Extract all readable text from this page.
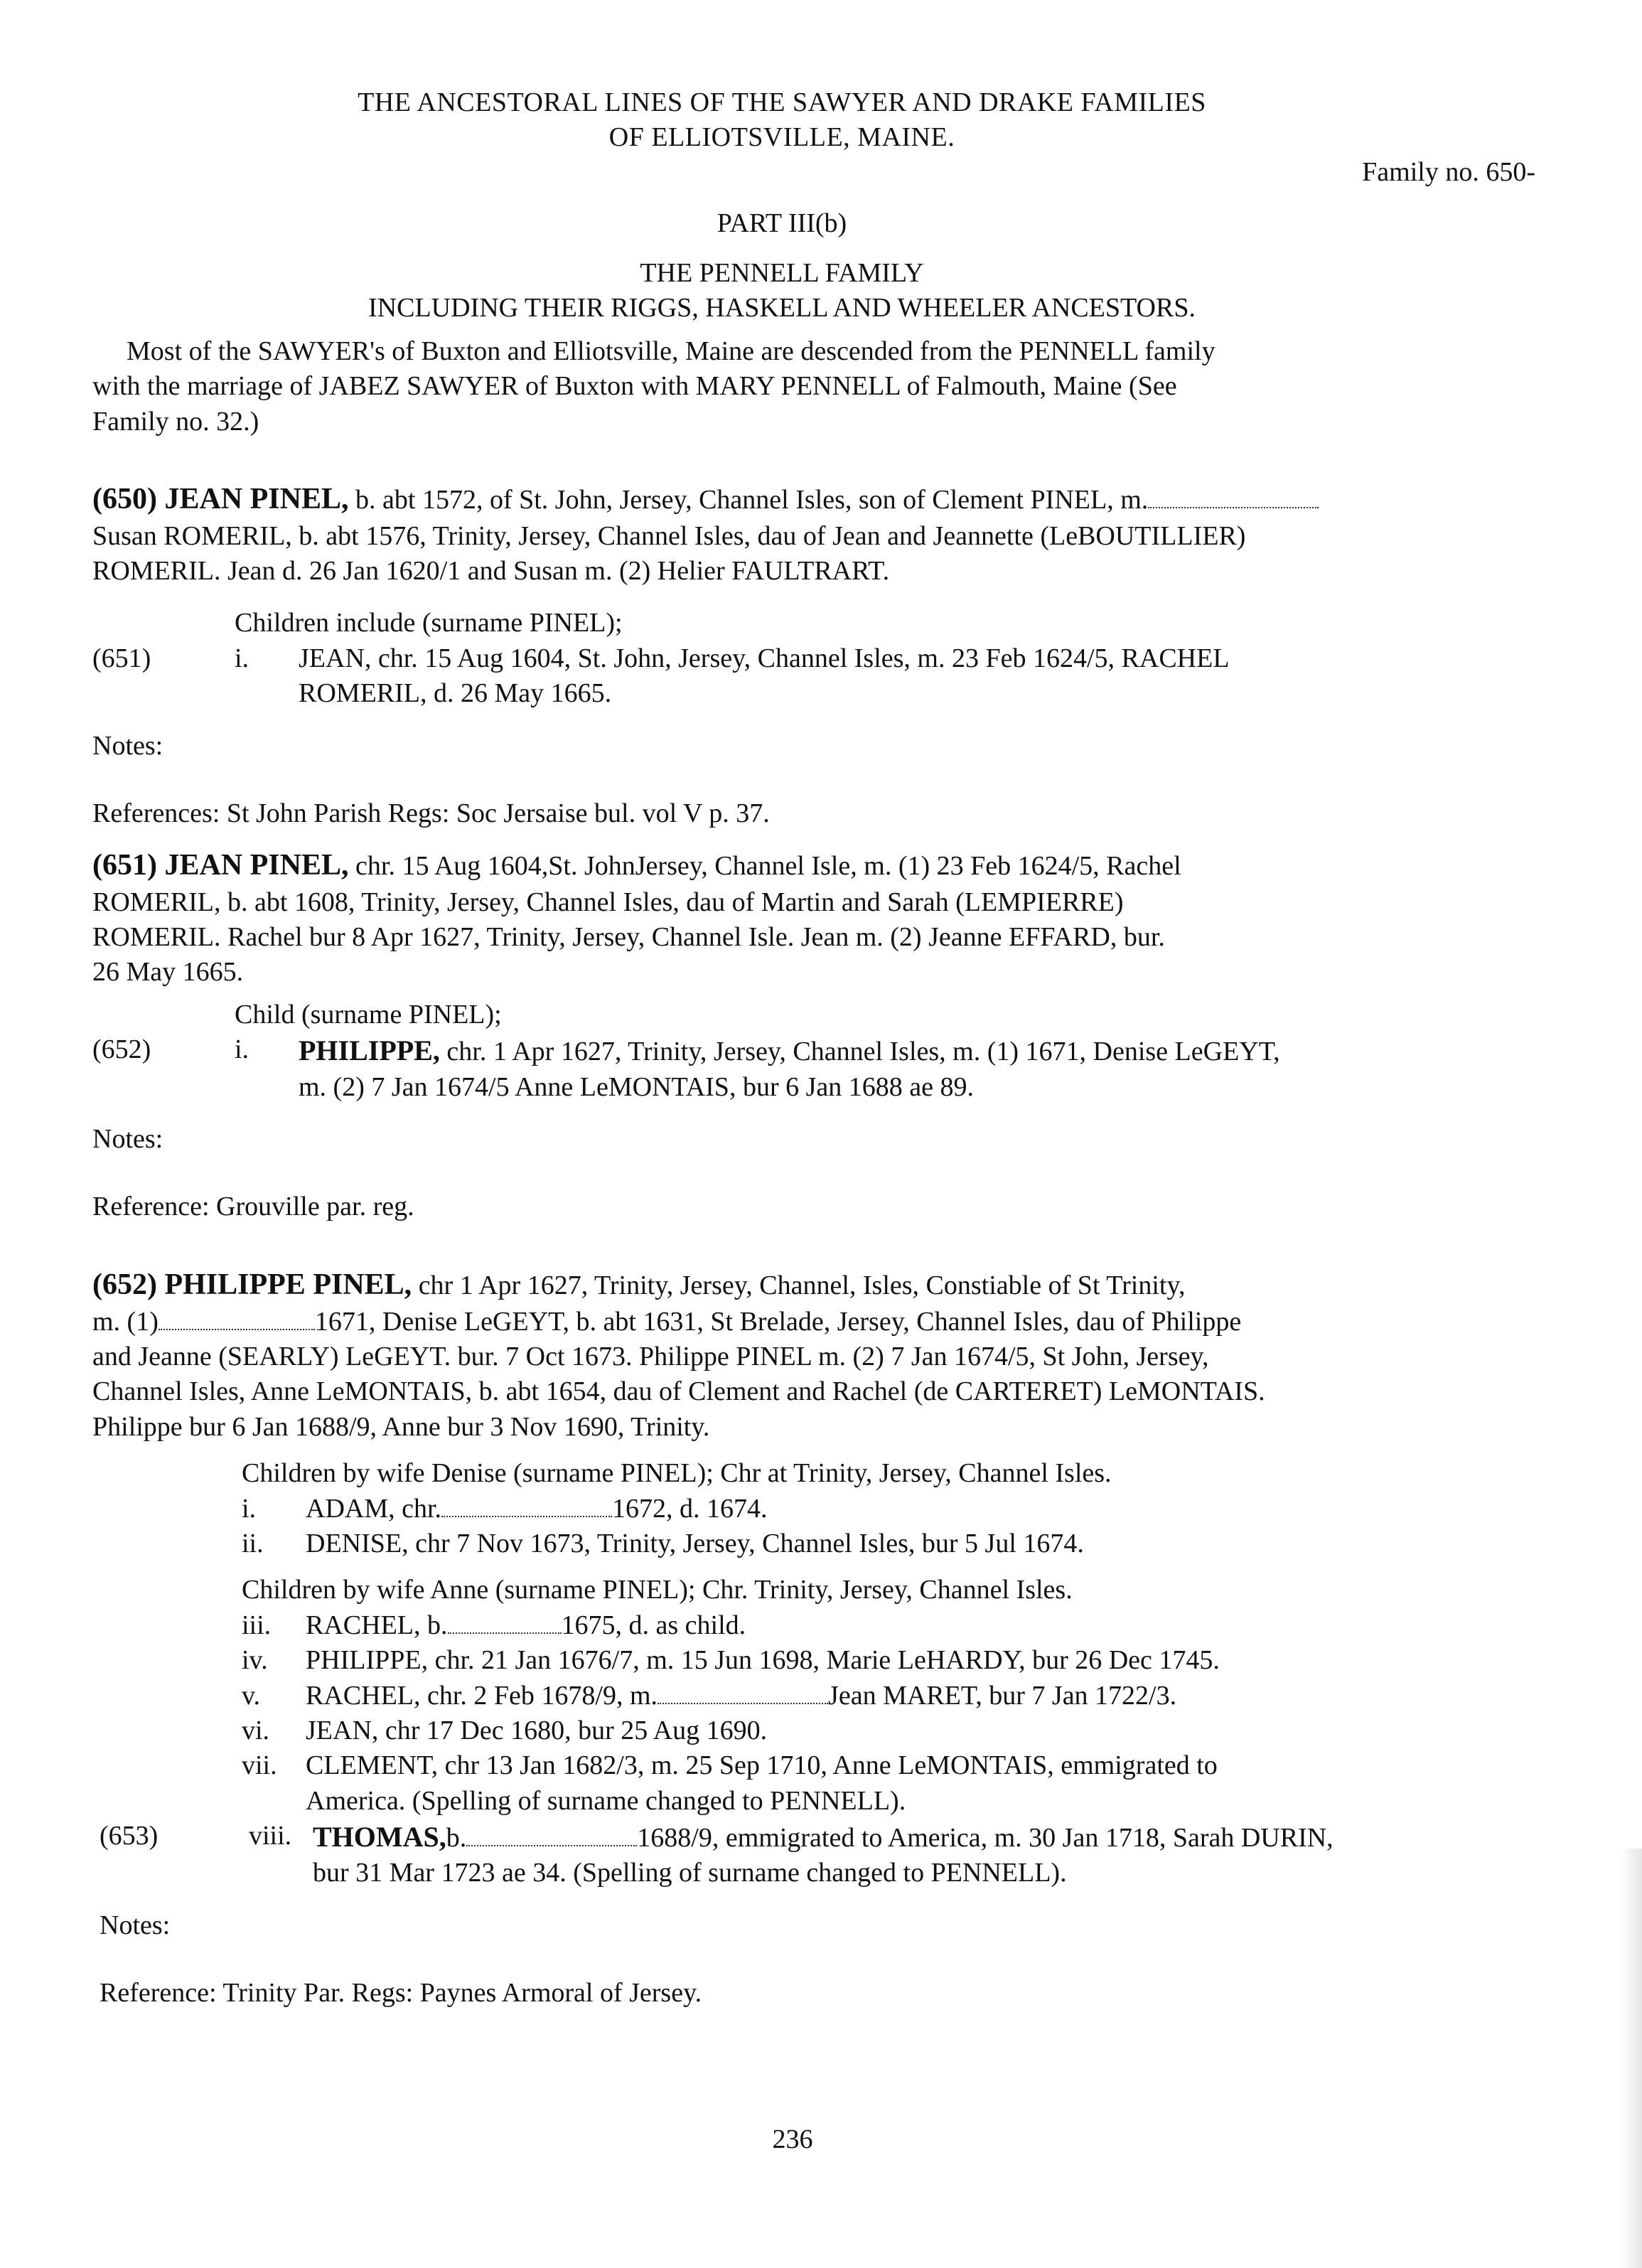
THE ANCESTORAL LINES OF THE SAWYER AND DRAKE FAMILIES
OF ELLIOTSVILLE, MAINE.
Family no. 650-
PART III(b)
THE PENNELL FAMILY
INCLUDING THEIR RIGGS, HASKELL AND WHEELER ANCESTORS.
Most of the SAWYER's of Buxton and Elliotsville, Maine are descended from the PENNELL family
with the marriage of JABEZ SAWYER of Buxton with MARY PENNELL of Falmouth, Maine (See
Family no. 32.)
(650) JEAN PINEL, b. abt 1572, of St. John, Jersey, Channel Isles, son of Clement PINEL, m.
Susan ROMERIL, b. abt 1576, Trinity, Jersey, Channel Isles, dau of Jean and Jeannette (LeBOUTILLIER)
ROMERIL. Jean d. 26 Jan 1620/1 and Susan m. (2) Helier FAULTRART.
Children include (surname PINEL);
(651)	i.	JEAN, chr. 15 Aug 1604, St. John, Jersey, Channel Isles, m. 23 Feb 1624/5, RACHEL
ROMERIL, d. 26 May 1665.
Notes:
References: St John Parish Regs: Soc Jersaise bul. vol V p. 37.
(651) JEAN PINEL, chr. 15 Aug 1604,St. JohnJersey, Channel Isle, m. (1) 23 Feb 1624/5, Rachel
ROMERIL, b. abt 1608, Trinity, Jersey, Channel Isles, dau of Martin and Sarah (LEMPIERRE)
ROMERIL. Rachel bur 8 Apr 1627, Trinity, Jersey, Channel Isle. Jean m. (2) Jeanne EFFARD, bur.
26 May 1665.
Child (surname PINEL);
(652)	i.	PHILIPPE, chr. 1 Apr 1627, Trinity, Jersey, Channel Isles, m. (1) 1671, Denise LeGEYT,
m. (2) 7 Jan 1674/5 Anne LeMONTAIS, bur 6 Jan 1688 ae 89.
Notes:
Reference: Grouville par. reg.
(652) PHILIPPE PINEL, chr 1 Apr 1627, Trinity, Jersey, Channel, Isles, Constiable of St Trinity,
m. (1)	1671, Denise LeGEYT, b. abt 1631, St Brelade, Jersey, Channel Isles, dau of Philippe
and Jeanne (SEARLY) LeGEYT. bur. 7 Oct 1673. Philippe PINEL m. (2) 7 Jan 1674/5, St John, Jersey,
Channel Isles, Anne LeMONTAIS, b. abt 1654, dau of Clement and Rachel (de CARTERET) LeMONTAIS.
Philippe bur 6 Jan 1688/9, Anne bur 3 Nov 1690, Trinity.
Children by wife Denise (surname PINEL); Chr at Trinity, Jersey, Channel Isles.
i.	ADAM, chr.	1672, d. 1674.
ii.	DENISE, chr 7 Nov 1673, Trinity, Jersey, Channel Isles, bur 5 Jul 1674.
Children by wife Anne (surname PINEL); Chr. Trinity, Jersey, Channel Isles.
iii.	RACHEL, b.	1675, d. as child.
iv.	PHILIPPE, chr. 21 Jan 1676/7, m. 15 Jun 1698, Marie LeHARDY, bur 26 Dec 1745.
v.	RACHEL, chr. 2 Feb 1678/9, m.	Jean MARET, bur 7 Jan 1722/3.
vi.	JEAN, chr 17 Dec 1680, bur 25 Aug 1690.
vii.	CLEMENT, chr 13 Jan 1682/3, m. 25 Sep 1710, Anne LeMONTAIS, emmigrated to
America. (Spelling of surname changed to PENNELL).
(653)	viii. THOMAS,b.	1688/9, emmigrated to America, m. 30 Jan 1718, Sarah DURIN,
bur 31 Mar 1723 ae 34. (Spelling of surname changed to PENNELL).
Notes:
Reference: Trinity Par. Regs: Paynes Armoral of Jersey.
236
